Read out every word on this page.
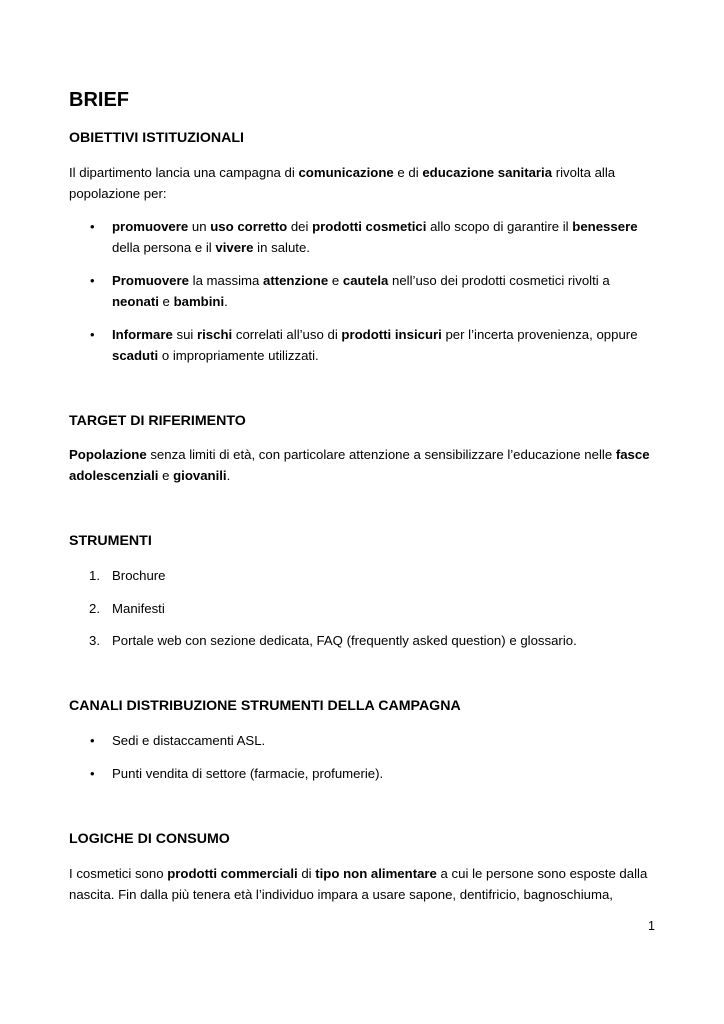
BRIEF
OBIETTIVI ISTITUZIONALI

Il dipartimento lancia una campagna di comunicazione e di educazione sanitaria rivolta alla popolazione per:

• promuovere un uso corretto dei prodotti cosmetici allo scopo di garantire il benessere della persona e il vivere in salute.

• Promuovere la massima attenzione e cautela nell’uso dei prodotti cosmetici rivolti a neonati e bambini.

• Informare sui rischi correlati all’uso di prodotti insicuri per l’incerta provenienza, oppure scaduti o impropriamente utilizzati.

TARGET DI RIFERIMENTO

Popolazione senza limiti di età, con particolare attenzione a sensibilizzare l’educazione nelle fasce adolescenziali e giovanili.

STRUMENTI
1. Brochure

2. Manifesti

3. Portale web con sezione dedicata, FAQ (frequently asked question) e glossario.

CANALI DISTRIBUZIONE STRUMENTI DELLA CAMPAGNA
• Sedi e distaccamenti ASL.

• Punti vendita di settore (farmacie, profumerie).

LOGICHE DI CONSUMO

I cosmetici sono prodotti commerciali di tipo non alimentare a cui le persone sono esposte dalla nascita. Fin dalla più tenera età l’individuo impara a usare sapone, dentifricio, bagnoschiuma,

1
